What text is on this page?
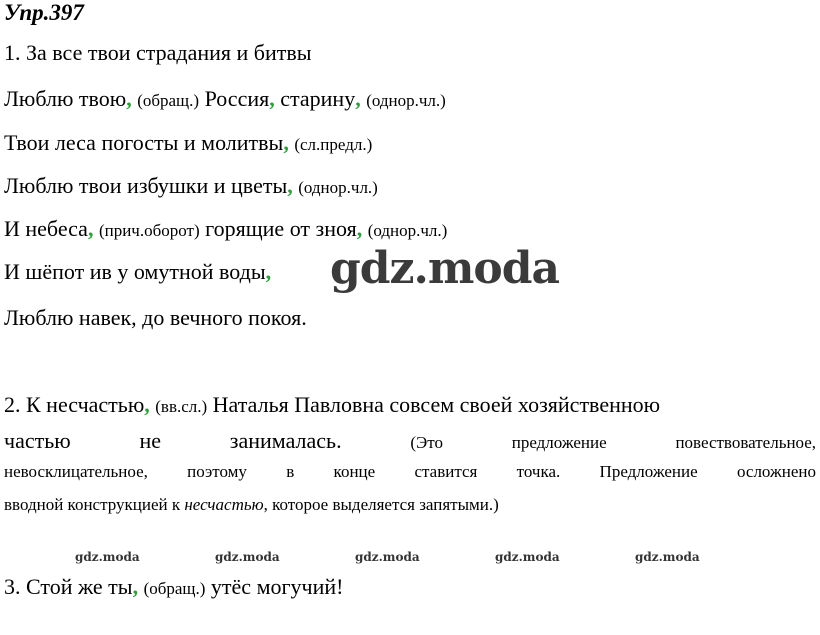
Упр.397
1. За все твои страдания и битвы
Люблю твою, (обращ.) Россия, старину, (однор.чл.)
Твои леса погосты и молитвы, (сл.предл.)
Люблю твои избушки и цветы, (однор.чл.)
И небеса, (прич.оборот) горящие от зноя, (однор.чл.)
И шёпот ив у омутной воды,
Люблю навек, до вечного покоя.
2. К несчастью, (вв.сл.) Наталья Павловна совсем своей хозяйственною
частью	не	занималась.	(Это	предложение	повествовательное,
невосклицательное, поэтому в конце ставится точка. Предложение осложнено
вводной конструкцией к несчастью, которое выделяется запятыми.)
gdz.moda	gdz.moda	gdz.moda	gdz.moda	gdz.moda
3. Стой же ты, (обращ.) утёс могучий!
gdz.moda
